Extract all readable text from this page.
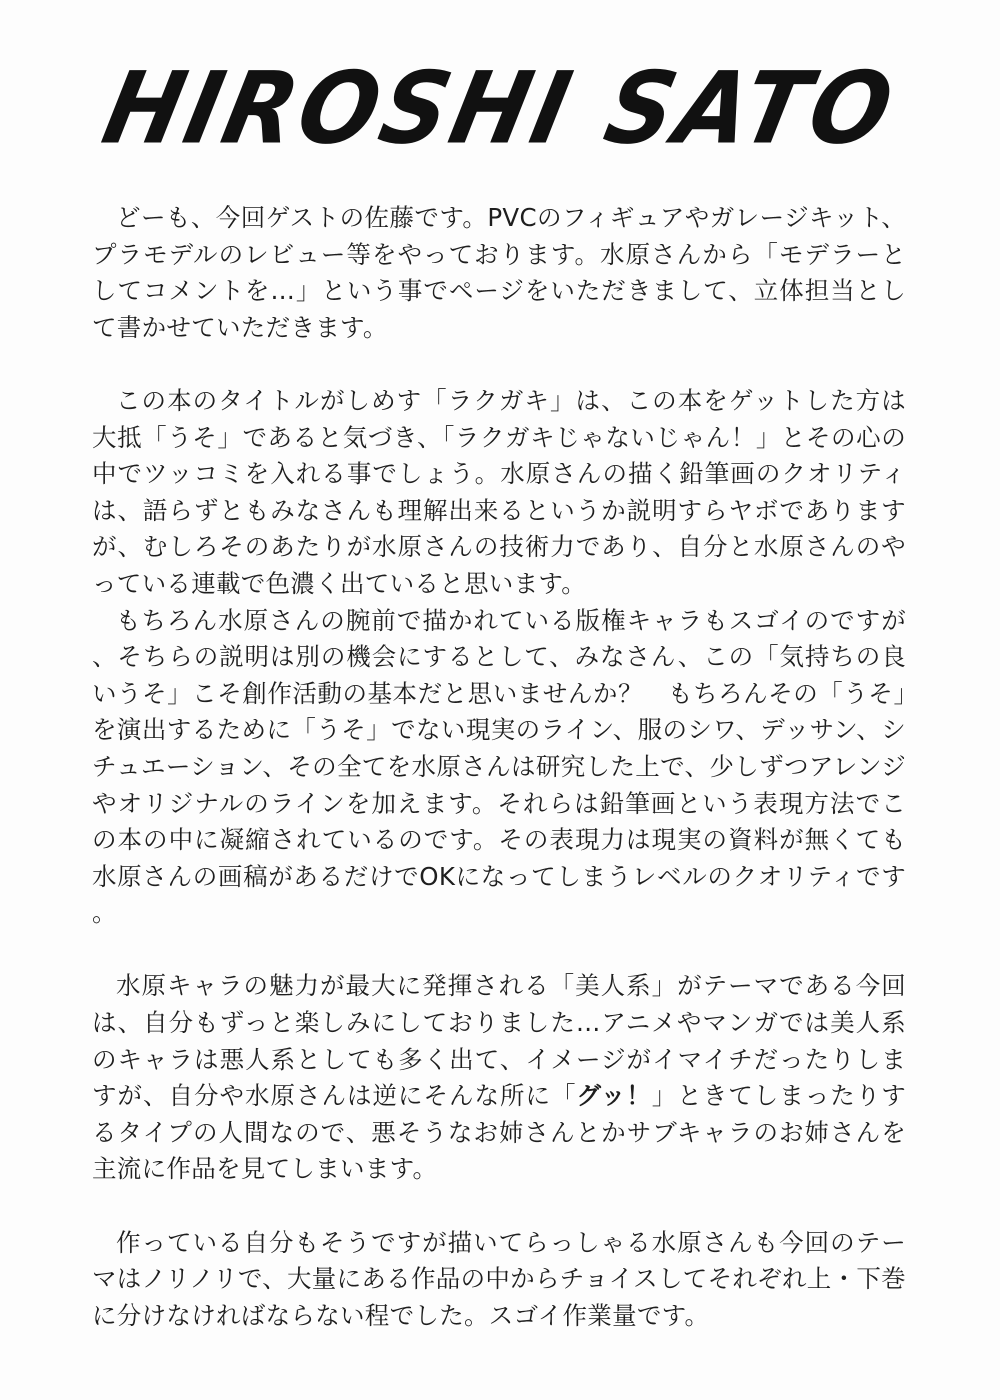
HIROSHI SATO

どーも、今回ゲストの佐藤です。PVCのフィギュアやガレージキット、プラモデルのレビュー等をやっております。水原さんから「モデラーとしてコメントを…」という事でページをいただきまして、立体担当として書かせていただきます。

この本のタイトルがしめす「ラクガキ」は、この本をゲットした方は大抵「うそ」であると気づき、「ラクガキじゃないじゃん！」とその心の中でツッコミを入れる事でしょう。水原さんの描く鉛筆画のクオリティは、語らずともみなさんも理解出来るというか説明すらヤボでありますが、むしろそのあたりが水原さんの技術力であり、自分と水原さんのやっている連載で色濃く出ていると思います。

もちろん水原さんの腕前で描かれている版権キャラもスゴイのですが、そちらの説明は別の機会にするとして、みなさん、この「気持ちの良いうそ」こそ創作活動の基本だと思いませんか？　もちろんその「うそ」を演出するために「うそ」でない現実のライン、服のシワ、デッサン、シチュエーション、その全てを水原さんは研究した上で、少しずつアレンジやオリジナルのラインを加えます。それらは鉛筆画という表現方法でこの本の中に凝縮されているのです。その表現力は現実の資料が無くても水原さんの画稿があるだけでOKになってしまうレベルのクオリティです。

水原キャラの魅力が最大に発揮される「美人系」がテーマである今回は、自分もずっと楽しみにしておりました…アニメやマンガでは美人系のキャラは悪人系としても多く出て、イメージがイマイチだったりしますが、自分や水原さんは逆にそんな所に「グッ！」ときてしまったりするタイプの人間なので、悪そうなお姉さんとかサブキャラのお姉さんを主流に作品を見てしまいます。

作っている自分もそうですが描いてらっしゃる水原さんも今回のテーマはノリノリで、大量にある作品の中からチョイスしてそれぞれ上・下巻に分けなければならない程でした。スゴイ作業量です。
